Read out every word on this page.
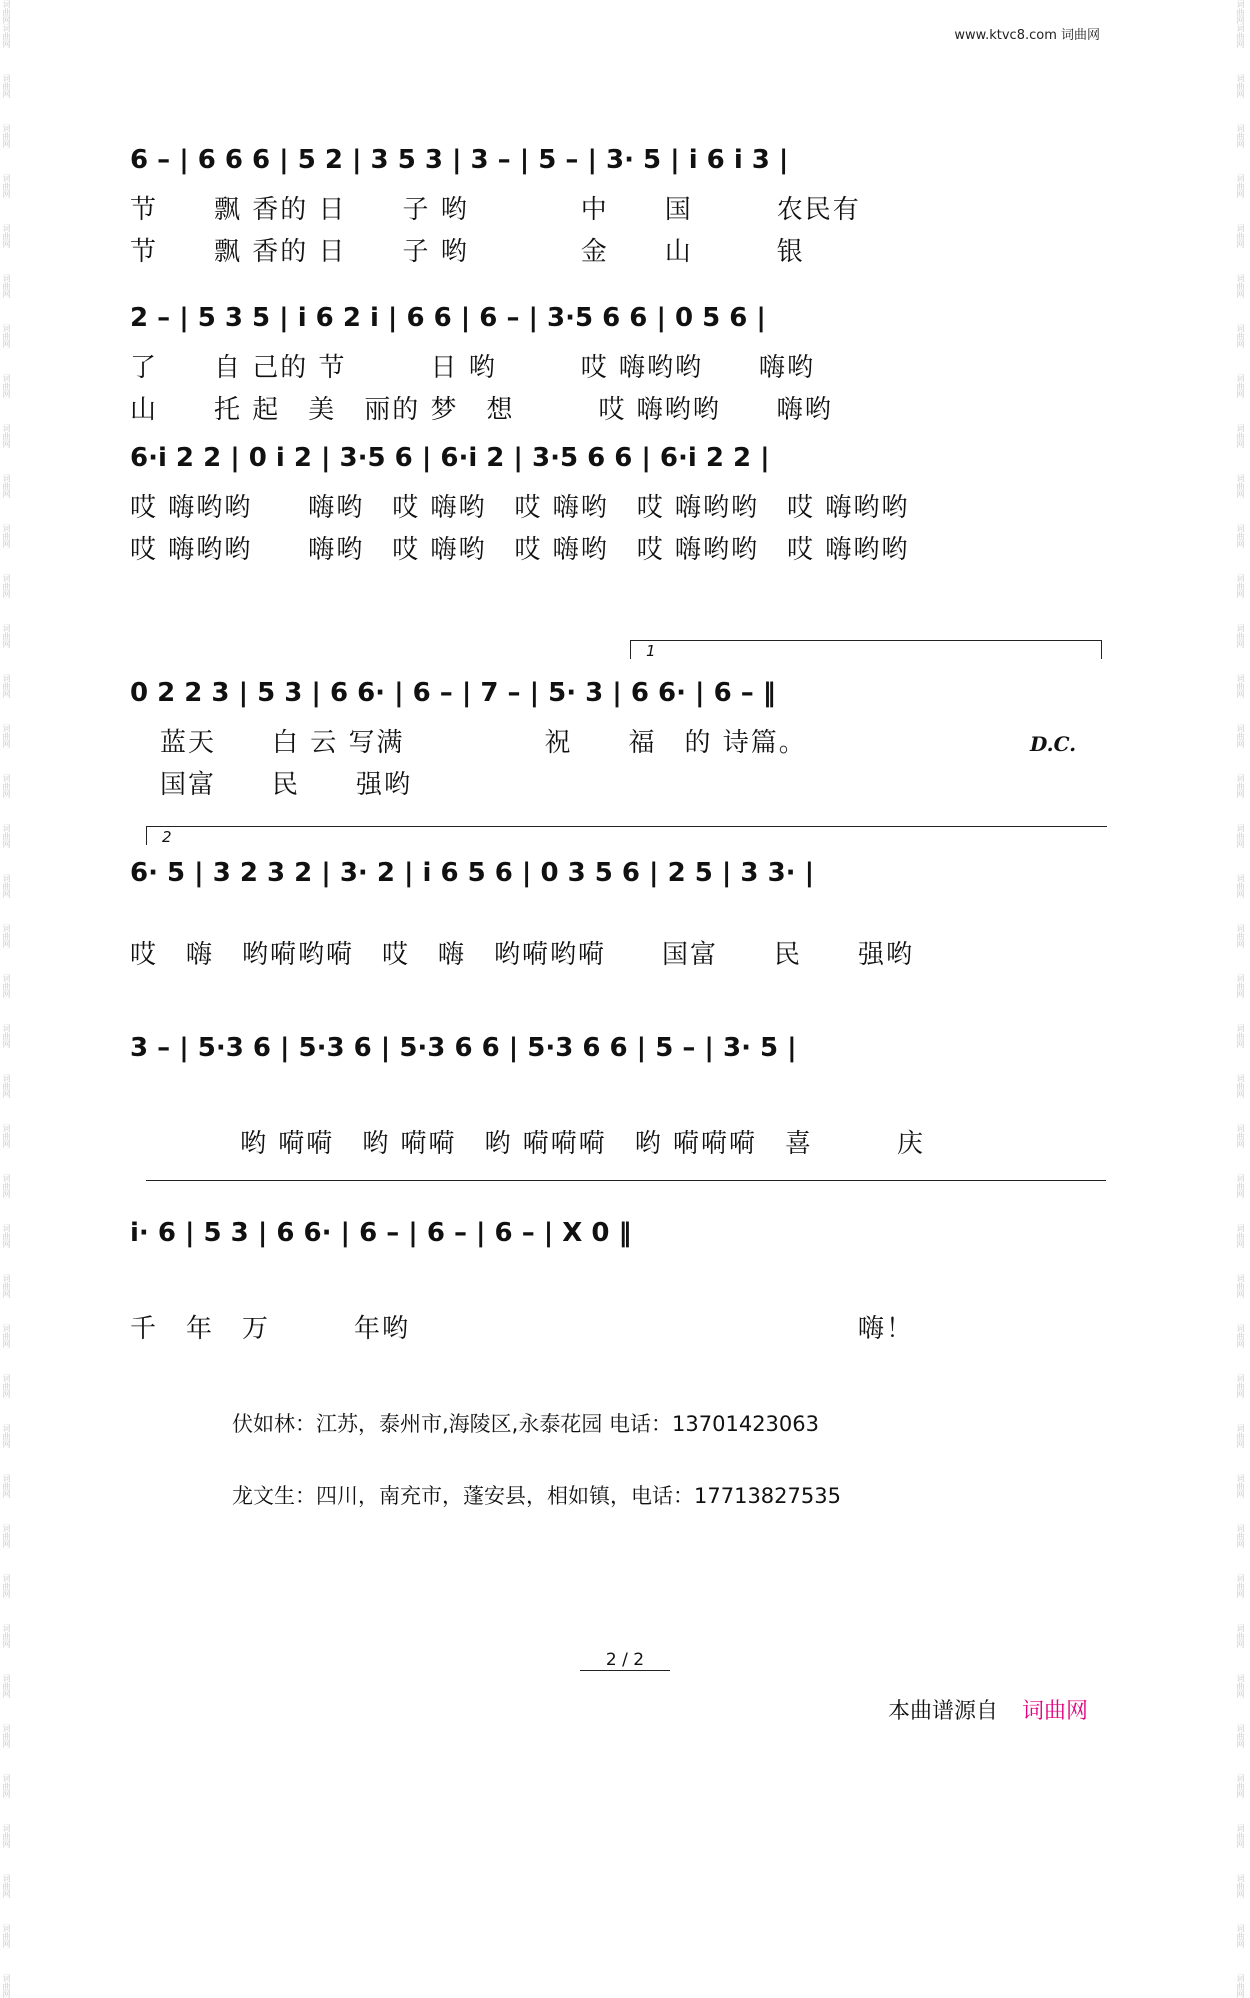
词曲网
词曲网
词曲网
词曲网
词曲网
词曲网
词曲网
词曲网
词曲网
词曲网
词曲网
词曲网
词曲网
词曲网
词曲网
词曲网
词曲网
词曲网
词曲网
词曲网
词曲网
词曲网
词曲网
词曲网
词曲网
词曲网
词曲网
词曲网
词曲网
词曲网
词曲网
词曲网
词曲网
词曲网
词曲网
词曲网
词曲网
词曲网
词曲网
词曲网
词曲网
词曲网
词曲网
词曲网
词曲网
词曲网
词曲网
词曲网
词曲网
词曲网
词曲网
词曲网
词曲网
词曲网
词曲网
词曲网
词曲网
词曲网
词曲网
词曲网
词曲网
词曲网
词曲网
词曲网
词曲网
词曲网
词曲网
词曲网
词曲网
词曲网
词曲网
词曲网
词曲网
词曲网
词曲网
词曲网
词曲网
词曲网
词曲网
词曲网
词曲网
词曲网
www.ktvc8.com 词曲网
6 – | 6 6 6 | 5 2 | 3 5 3 | 3 – | 5 – | 3· 5 | i 6 i 3 |
节　　飘 香的 日　　子 哟　　　　中　　国　　　农民有
节　　飘 香的 日　　子 哟　　　　金　　山　　　银
2 – | 5 3 5 | i 6 2 i | 6 6 | 6 – | 3·5 6 6 | 0 5 6 |
了　　自 己的 节　　　日 哟　　　哎 嗨哟哟　　嗨哟
山　　托 起　美　丽的 梦　想　　　哎 嗨哟哟　　嗨哟
6·i 2 2 | 0 i 2 | 3·5 6 | 6·i 2 | 3·5 6 6 | 6·i 2 2 |
哎 嗨哟哟　　嗨哟　哎 嗨哟　哎 嗨哟　哎 嗨哟哟　哎 嗨哟哟
哎 嗨哟哟　　嗨哟　哎 嗨哟　哎 嗨哟　哎 嗨哟哟　哎 嗨哟哟
1
0 2 2 3 | 5 3 | 6 6· | 6 – | 7 – | 5· 3 | 6 6· | 6 – ‖
蓝天　　白 云 写满　　　　　祝　　福　的 诗篇。
国富　　民　　强哟
D.C.
2
6· 5 | 3 2 3 2 | 3· 2 | i 6 5 6 | 0 3 5 6 | 2 5 | 3 3· |
哎　嗨　哟嗬哟嗬　哎　嗨　哟嗬哟嗬　　国富　　民　　强哟
3 – | 5·3 6 | 5·3 6 | 5·3 6 6 | 5·3 6 6 | 5 – | 3· 5 |
哟 嗬嗬　哟 嗬嗬　哟 嗬嗬嗬　哟 嗬嗬嗬　喜　　　庆
i· 6 | 5 3 | 6 6· | 6 – | 6 – | 6 – | X 0 ‖
千　年　万　　　年哟　　　　　　　　　　　　　　　　嗨！
伏如林：江苏，泰州市,海陵区,永泰花园 电话：13701423063
龙文生：四川，南充市，蓬安县，相如镇，电话：17713827535
2 / 2
本曲谱源自 词曲网
